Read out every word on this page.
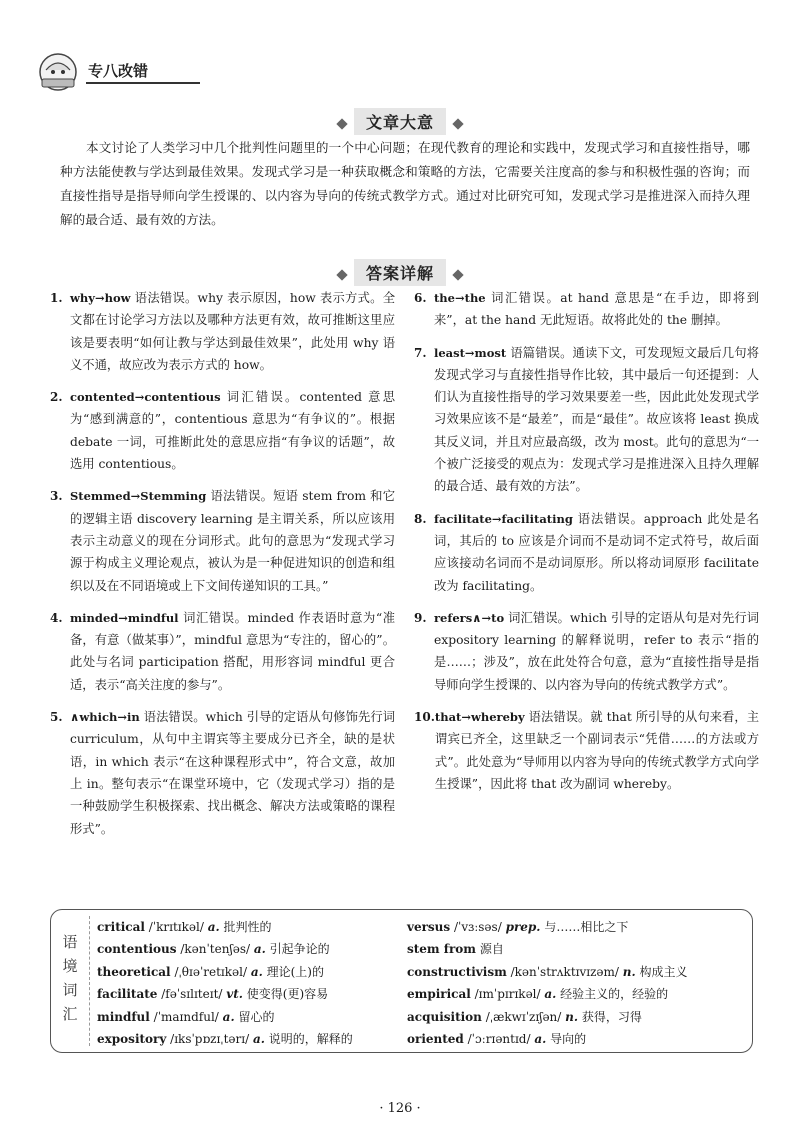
专八改错
文章大意
本文讨论了人类学习中几个批判性问题里的一个中心问题；在现代教育的理论和实践中，发现式学习和直接性指导，哪种方法能使教与学达到最佳效果。发现式学习是一种获取概念和策略的方法，它需要关注度高的参与和积极性强的咨询；而直接性指导是指导师向学生授课的、以内容为导向的传统式教学方式。通过对比研究可知，发现式学习是推进深入而持久理解的最合适、最有效的方法。
答案详解
1. why→how 语法错误。why 表示原因，how 表示方式。全文都在讨论学习方法以及哪种方法更有效，故可推断这里应该是要表明“如何让教与学达到最佳效果”，此处用 why 语义不通，故应改为表示方式的 how。
2. contented→contentious 词汇错误。contented 意思为“感到满意的”，contentious 意思为“有争议的”。根据 debate 一词，可推断此处的意思应指“有争议的话题”，故选用 contentious。
3. Stemmed→Stemming 语法错误。短语 stem from 和它的逻辑主语 discovery learning 是主谓关系，所以应该用表示主动意义的现在分词形式。此句的意思为“发现式学习源于构成主义理论观点，被认为是一种促进知识的创造和组织以及在不同语境或上下文间传递知识的工具。”
4. minded→mindful 词汇错误。minded 作表语时意为“准备，有意（做某事）”，mindful 意思为“专注的，留心的”。此处与名词 participation 搭配，用形容词 mindful 更合适，表示“高关注度的参与”。
5. ∧which→in 语法错误。which 引导的定语从句修饰先行词 curriculum，从句中主谓宾等主要成分已齐全，缺的是状语，in which 表示“在这种课程形式中”，符合文意，故加上 in。整句表示“在课堂环境中，它（发现式学习）指的是一种鼓励学生积极探索、找出概念、解决方法或策略的课程形式”。
6. the→the 词汇错误。at hand 意思是“在手边，即将到来”，at the hand 无此短语。故将此处的 the 删掉。
7. least→most 语篇错误。通读下文，可发现短文最后几句将发现式学习与直接性指导作比较，其中最后一句还提到：人们认为直接性指导的学习效果要差一些，因此此处发现式学习效果应该不是“最差”，而是“最佳”。故应该将 least 换成其反义词，并且对应最高级，改为 most。此句的意思为“一个被广泛接受的观点为：发现式学习是推进深入且持久理解的最合适、最有效的方法”。
8. facilitate→facilitating 语法错误。approach 此处是名词，其后的 to 应该是介词而不是动词不定式符号，故后面应该接动名词而不是动词原形。所以将动词原形 facilitate 改为 facilitating。
9. refers∧→to 词汇错误。which 引导的定语从句是对先行词 expository learning 的解释说明，refer to 表示“指的是……；涉及”，放在此处符合句意，意为“直接性指导是指导师向学生授课的、以内容为导向的传统式教学方式”。
10. that→whereby 语法错误。就 that 所引导的从句来看，主谓宾已齐全，这里缺乏一个副词表示“凭借……的方法或方式”。此处意为“导师用以内容为导向的传统式教学方式向学生授课”，因此将 that 改为副词 whereby。
语境词汇
critical /ˈkrɪtɪkəl/ a. 批判性的
contentious /kənˈtenʃəs/ a. 引起争论的
theoretical /ˌθɪəˈretɪkəl/ a. 理论(上)的
facilitate /fəˈsɪlɪteɪt/ vt. 使变得(更)容易
mindful /ˈmaɪndful/ a. 留心的
expository /ɪksˈpɒzɪˌtərɪ/ a. 说明的，解释的
versus /ˈvɜːsəs/ prep. 与……相比之下
stem from 源自
constructivism /kənˈstrʌktɪvɪzəm/ n. 构成主义
empirical /ɪmˈpɪrɪkəl/ a. 经验主义的，经验的
acquisition /ˌækwɪˈzɪʃən/ n. 获得，习得
oriented /ˈɔːrɪəntɪd/ a. 导向的
· 126 ·
